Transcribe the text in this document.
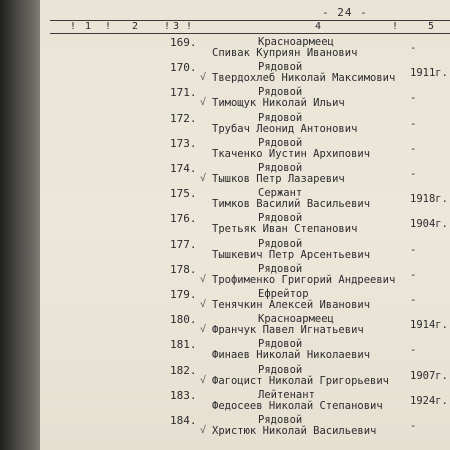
- 24 -
! 1 ! 2	! 3 !	4	!	5
169.	Красноармеец
Спивак Куприян Иванович	-
170.	Рядовой
√ Твердохлеб Николай Максимович 1911г.
171.	Рядовой
√ Тимощук Николай Ильич	-
172.	Рядовой
Трубач Леонид Антонович	-
173.	Рядовой
Ткаченко Иустин Архипович	-
174.	Рядовой
√ Тышков Петр Лазаревич	-
175.	Сержант
Тимков Василий Васильевич	1918г.
176.	Рядовой
Третьяк Иван Степанович	1904г.
177.	Рядовой
Тышкевич Петр Арсентьевич	-
178.	Рядовой
√ Трофименко Григорий Андреевич -
179.	Ефрейтор
√ Тенячкин Алексей Иванович	-
180.	Красноармеец
√ Франчук Павел Игнатьевич	1914г.
181.	Рядовой
Финаев Николай Николаевич	-
182.	Рядовой
√ Фагоцист Николай Григорьевич 1907г.
183.	Лейтенант
Федосеев Николай Степанович	1924г.
184.	Рядовой
√ Христюк Николай Васильевич	-
